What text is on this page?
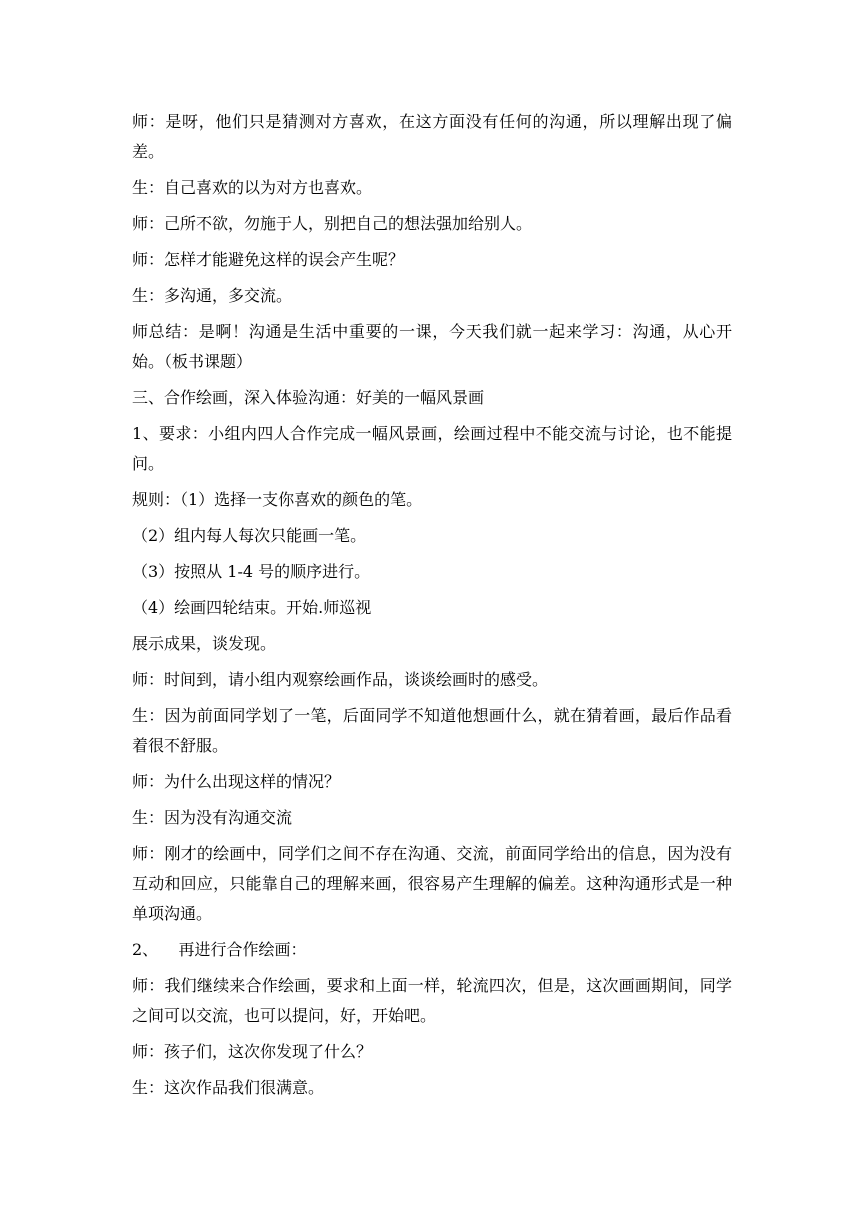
师：是呀，他们只是猜测对方喜欢，在这方面没有任何的沟通，所以理解出现了偏差。

生：自己喜欢的以为对方也喜欢。

师：己所不欲，勿施于人，别把自己的想法强加给别人。

师：怎样才能避免这样的误会产生呢？

生：多沟通，多交流。

师总结：是啊！沟通是生活中重要的一课，今天我们就一起来学习：沟通，从心开始。（板书课题）

三、合作绘画，深入体验沟通：好美的一幅风景画

1、要求：小组内四人合作完成一幅风景画，绘画过程中不能交流与讨论，也不能提问。

规则：（1）选择一支你喜欢的颜色的笔。

（2）组内每人每次只能画一笔。

（3）按照从 1-4 号的顺序进行。

（4）绘画四轮结束。开始.师巡视

展示成果，谈发现。

师：时间到，请小组内观察绘画作品，谈谈绘画时的感受。

生：因为前面同学划了一笔，后面同学不知道他想画什么，就在猜着画，最后作品看着很不舒服。

师：为什么出现这样的情况？

生：因为没有沟通交流

师：刚才的绘画中，同学们之间不存在沟通、交流，前面同学给出的信息，因为没有互动和回应，只能靠自己的理解来画，很容易产生理解的偏差。这种沟通形式是一种单项沟通。

2、    再进行合作绘画：

师：我们继续来合作绘画，要求和上面一样，轮流四次，但是，这次画画期间，同学之间可以交流，也可以提问，好，开始吧。

师：孩子们，这次你发现了什么？

生：这次作品我们很满意。
